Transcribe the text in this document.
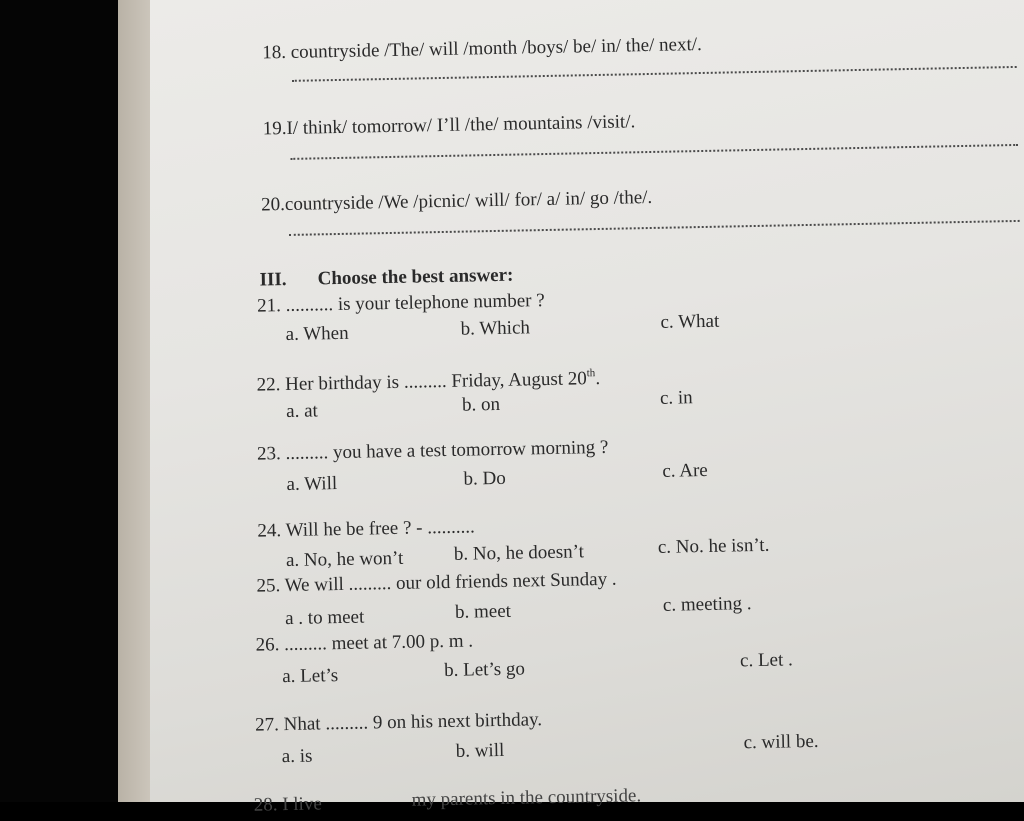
18. countryside /The/ will /month /boys/ be/ in/ the/ next/.
19.I/ think/ tomorrow/ I’ll /the/ mountains /visit/.
20.countryside /We /picnic/ will/ for/ a/ in/ go /the/.
III. Choose the best answer:
21. .......... is your telephone number ?
a. When	b. Which	c. What
22. Her birthday is ......... Friday, August 20th.
a. at	b. on	c. in
23. ......... you have a test tomorrow morning ?
a. Will	b. Do	c. Are
24. Will he be free ? - ..........
a. No, he won’t	b. No, he doesn’t	c. No. he isn’t.
25. We will ......... our old friends next Sunday .
a . to meet	b. meet	c. meeting .
26. ......... meet at 7.00 p. m .
a. Let’s	b. Let’s go	c. Let .
27. Nhat ......... 9 on his next birthday.
a. is	b. will	c. will be.
28. I live	my parents in the countryside.
